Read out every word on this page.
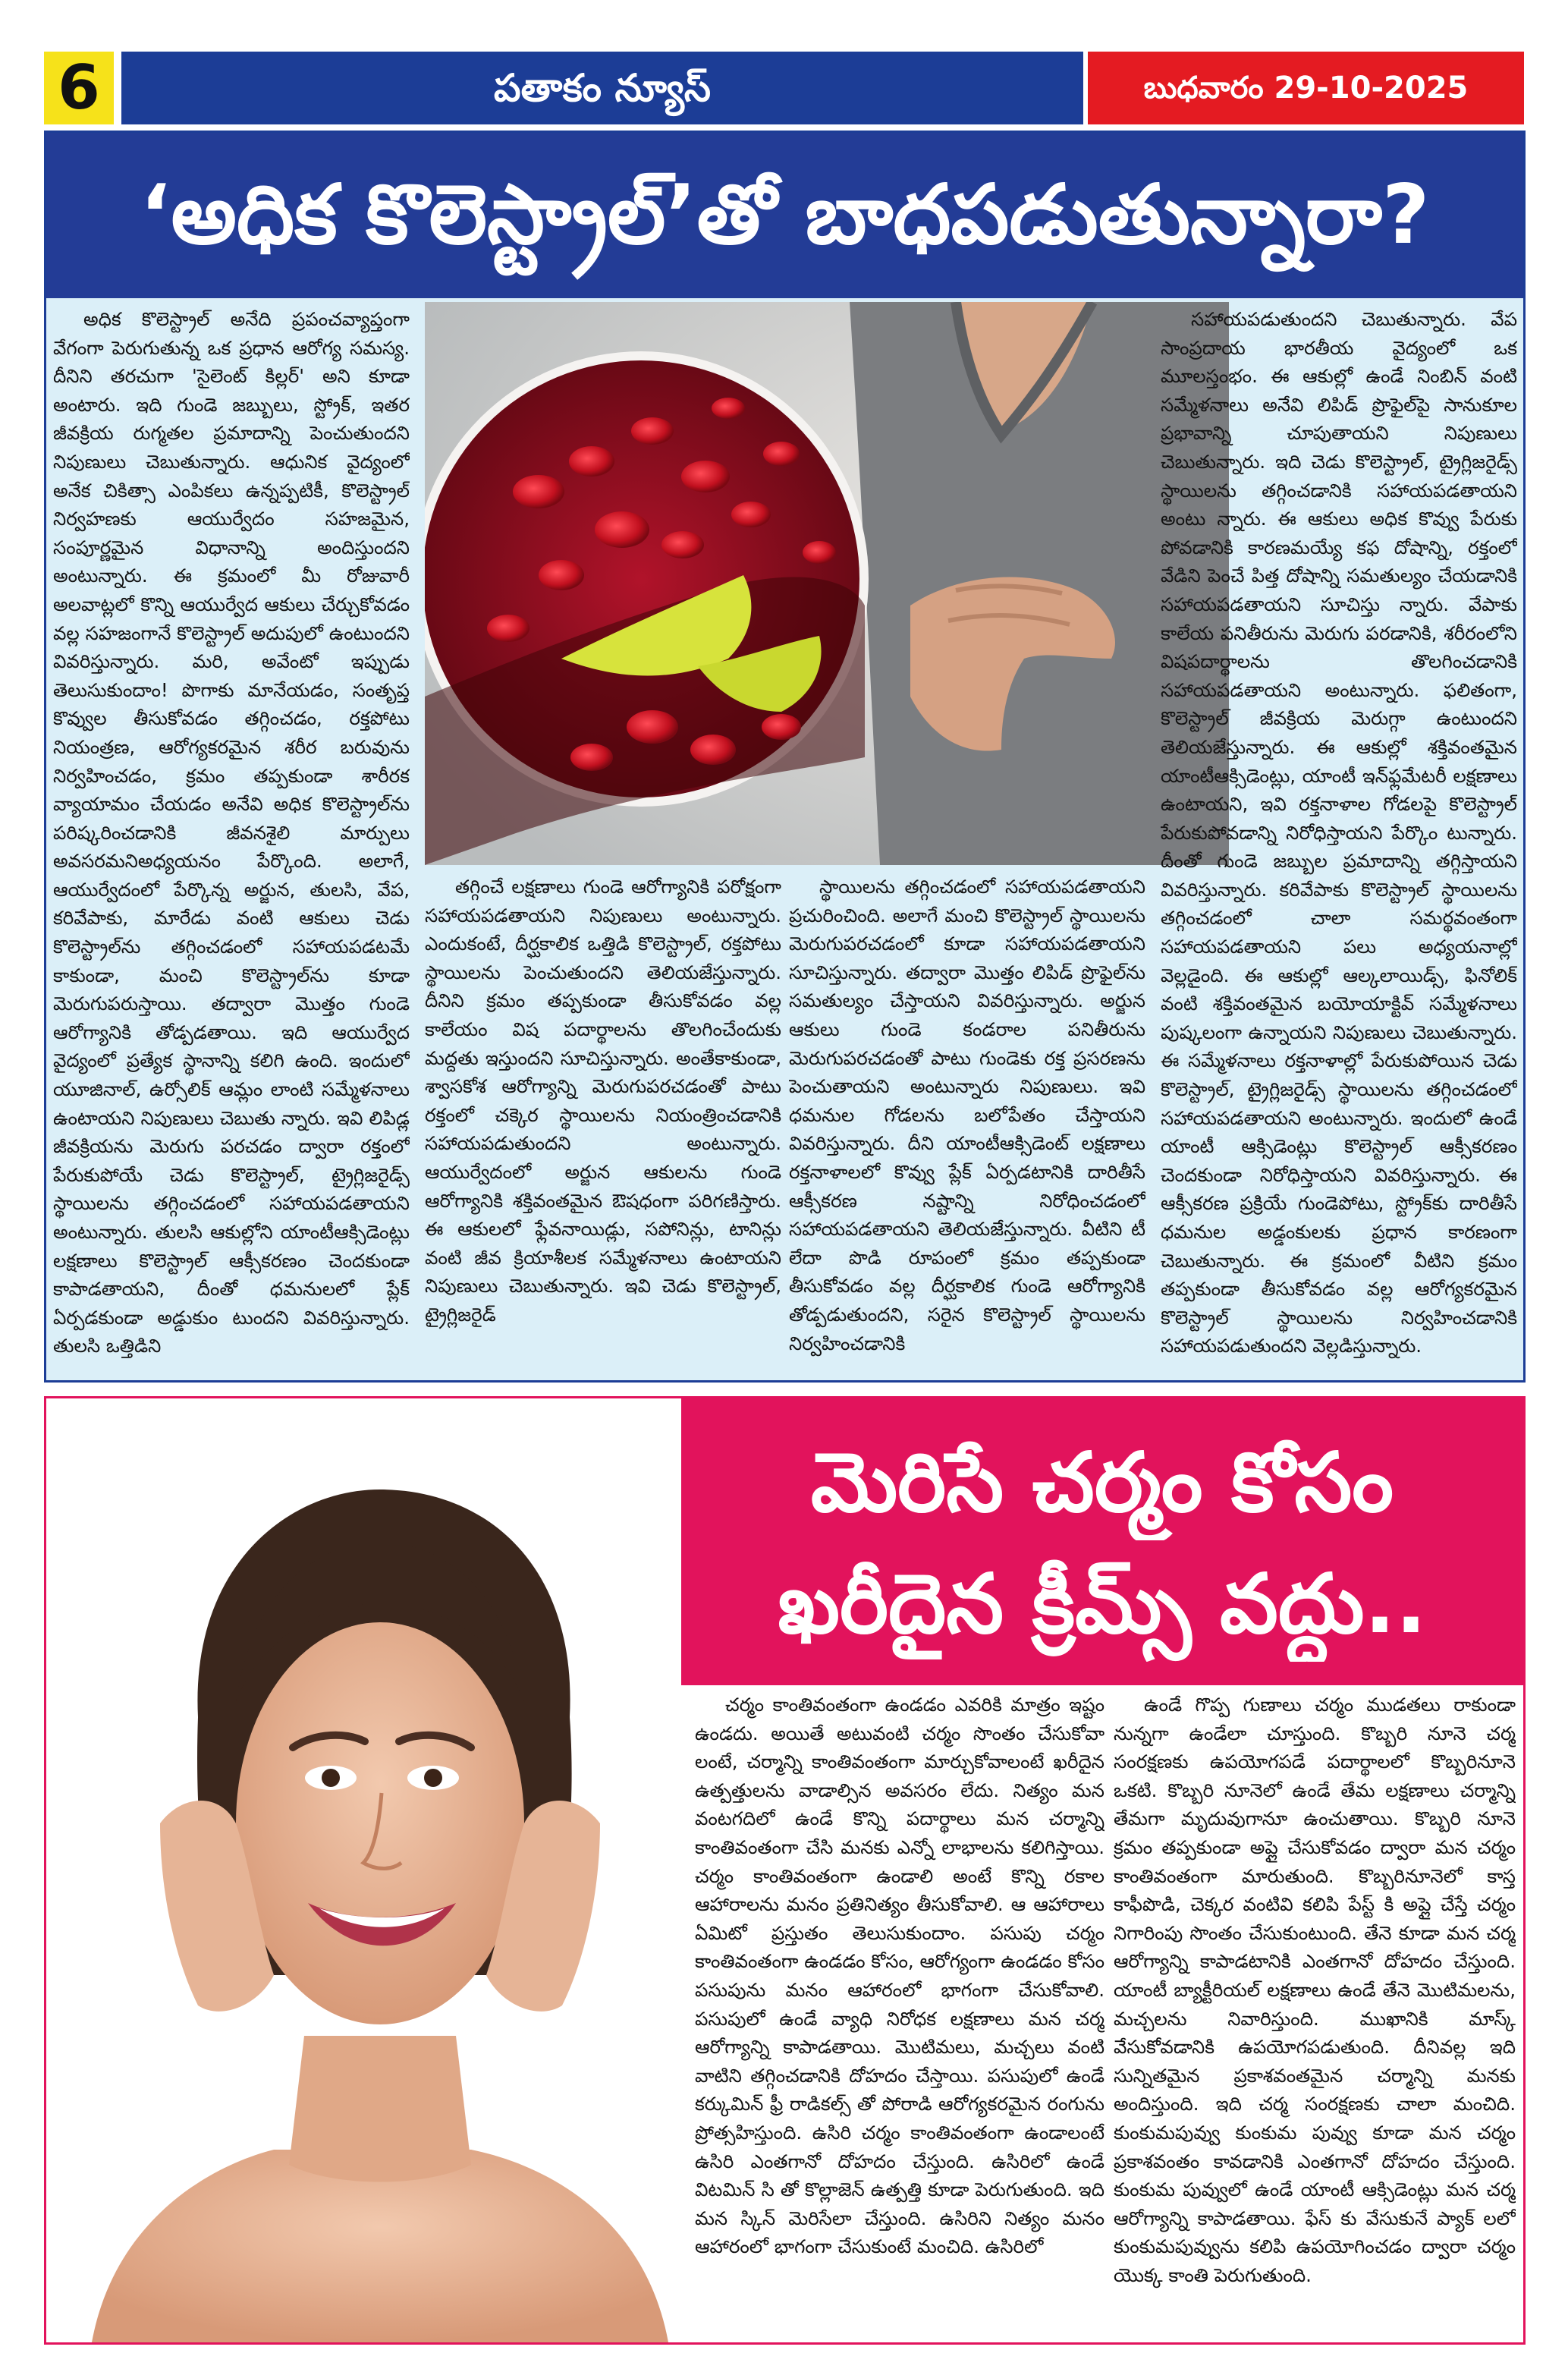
6	పతాకం న్యూస్	బుధవారం 29-10-2025
‘అధిక కొలెస్ట్రాల్’తో బాధపడుతున్నారా?

అధిక కొలెస్ట్రాల్ అనేది ప్రపంచవ్యాప్తంగా వేగంగా పెరుగుతున్న ఒక ప్రధాన ఆరోగ్య సమస్య. దీనిని తరచుగా 'సైలెంట్ కిల్లర్' అని కూడా అంటారు. ఇది గుండె జబ్బులు, స్ట్రోక్, ఇతర జీవక్రియ రుగ్మతల ప్రమాదాన్ని పెంచుతుందని నిపుణులు చెబుతున్నారు. ఆధునిక వైద్యంలో అనేక చికిత్సా ఎంపికలు ఉన్నప్పటికీ, కొలెస్ట్రాల్ నిర్వహణకు ఆయుర్వేదం సహజమైన, సంపూర్ణమైన విధానాన్ని అందిస్తుందని అంటున్నారు. ఈ క్రమంలో మీ రోజువారీ అలవాట్లలో కొన్ని ఆయుర్వేద ఆకులు చేర్చుకోవడం వల్ల సహజంగానే కొలెస్ట్రాల్ అదుపులో ఉంటుందని వివరిస్తున్నారు. మరి, అవేంటో ఇప్పుడు తెలుసుకుందాం! పొగాకు మానేయడం, సంతృప్త కొవ్వుల తీసుకోవడం తగ్గించడం, రక్తపోటు నియంత్రణ, ఆరోగ్యకరమైన శరీర బరువును నిర్వహించడం, క్రమం తప్పకుండా శారీరక వ్యాయామం చేయడం అనేవి అధిక కొలెస్ట్రాల్‌ను పరిష్కరించడానికి జీవనశైలి మార్పులు అవసరమనిఅధ్యయనం పేర్కొంది. అలాగే, ఆయుర్వేదంలో పేర్కొన్న అర్జున, తులసి, వేప, కరివేపాకు, మారేడు వంటి ఆకులు చెడు కొలెస్ట్రాల్‌ను తగ్గించడంలో సహాయపడటమే కాకుండా, మంచి కొలెస్ట్రాల్‌ను కూడా మెరుగుపరుస్తాయి. తద్వారా మొత్తం గుండె ఆరోగ్యానికి తోడ్పడతాయి. ఇది ఆయుర్వేద వైద్యంలో ప్రత్యేక స్థానాన్ని కలిగి ఉంది. ఇందులో యూజినాల్, ఉర్సోలిక్ ఆమ్లం లాంటి సమ్మేళనాలు ఉంటాయని నిపుణులు చెబుతు న్నారు. ఇవి లిపిడ్ల జీవక్రియను మెరుగు పరచడం ద్వారా రక్తంలో పేరుకుపోయే చెడు కొలెస్ట్రాల్, ట్రైగ్లిజరైడ్స్ స్థాయిలను తగ్గించడంలో సహాయపడతాయని అంటున్నారు. తులసి ఆకుల్లోని యాంటీఆక్సిడెంట్లు లక్షణాలు కొలెస్ట్రాల్ ఆక్సీకరణం చెందకుండా కాపాడతాయని, దీంతో ధమనులలో ప్లేక్ ఏర్పడకుండా అడ్డుకుం టుందని వివరిస్తున్నారు. తులసి ఒత్తిడిని

తగ్గించే లక్షణాలు గుండె ఆరోగ్యానికి పరోక్షంగా సహాయపడతాయని నిపుణులు అంటున్నారు. ఎందుకంటే, దీర్ఘకాలిక ఒత్తిడి కొలెస్ట్రాల్, రక్తపోటు స్థాయిలను పెంచుతుందని తెలియజేస్తున్నారు. దీనిని క్రమం తప్పకుండా తీసుకోవడం వల్ల కాలేయం విష పదార్థాలను తొలగించేందుకు మద్దతు ఇస్తుందని సూచిస్తున్నారు. అంతేకాకుండా, శ్వాసకోశ ఆరోగ్యాన్ని మెరుగుపరచడంతో పాటు రక్తంలో చక్కెర స్థాయిలను నియంత్రించడానికి సహాయపడుతుందని అంటున్నారు. ఆయుర్వేదంలో అర్జున ఆకులను గుండె ఆరోగ్యానికి శక్తివంతమైన ఔషధంగా పరిగణిస్తారు. ఈ ఆకులలో ఫ్లేవనాయిడ్లు, సపోనిన్లు, టానిన్లు వంటి జీవ క్రియాశీలక సమ్మేళనాలు ఉంటాయని నిపుణులు చెబుతున్నారు. ఇవి చెడు కొలెస్ట్రాల్, ట్రైగ్లిజరైడ్

స్థాయిలను తగ్గించడంలో సహాయపడతాయని ప్రచురించింది. అలాగే మంచి కొలెస్ట్రాల్ స్థాయిలను మెరుగుపరచడంలో కూడా సహాయపడతాయని సూచిస్తున్నారు. తద్వారా మొత్తం లిపిడ్ ప్రొఫైల్‌ను సమతుల్యం చేస్తాయని వివరిస్తున్నారు. అర్జున ఆకులు గుండె కండరాల పనితీరును మెరుగుపరచడంతో పాటు గుండెకు రక్త ప్రసరణను పెంచుతాయని అంటున్నారు నిపుణులు. ఇవి ధమనుల గోడలను బలోపేతం చేస్తాయని వివరిస్తున్నారు. దీని యాంటీఆక్సిడెంట్ లక్షణాలు రక్తనాళాలలో కొవ్వు ప్లేక్ ఏర్పడటానికి దారితీసే ఆక్సీకరణ నష్టాన్ని నిరోధించడంలో సహాయపడతాయని తెలియజేస్తున్నారు. వీటిని టీ లేదా పొడి రూపంలో క్రమం తప్పకుండా తీసుకోవడం వల్ల దీర్ఘకాలిక గుండె ఆరోగ్యానికి తోడ్పడుతుందని, సరైన కొలెస్ట్రాల్ స్థాయిలను నిర్వహించడానికి

సహాయపడుతుందని చెబుతున్నారు. వేప సాంప్రదాయ భారతీయ వైద్యంలో ఒక మూలస్తంభం. ఈ ఆకుల్లో ఉండే నింబిన్ వంటి సమ్మేళనాలు అనేవి లిపిడ్ ప్రొఫైల్‌పై సానుకూల ప్రభావాన్ని చూపుతాయని నిపుణులు చెబుతున్నారు. ఇది చెడు కొలెస్ట్రాల్, ట్రైగ్లిజరైడ్స్ స్థాయిలను తగ్గించడానికి సహాయపడతాయని అంటు న్నారు. ఈ ఆకులు అధిక కొవ్వు పేరుకు పోవడానికి కారణమయ్యే కఫ దోషాన్ని, రక్తంలో వేడిని పెంచే పిత్త దోషాన్ని సమతుల్యం చేయడానికి సహాయపడతాయని సూచిస్తు న్నారు. వేపాకు కాలేయ పనితీరును మెరుగు పరడానికి, శరీరంలోని విషపదార్థాలను తొలగించడానికి సహాయపడతాయని అంటున్నారు. ఫలితంగా, కొలెస్ట్రాల్ జీవక్రియ మెరుగ్గా ఉంటుందని తెలియజేస్తున్నారు. ఈ ఆకుల్లో శక్తివంతమైన యాంటీఆక్సిడెంట్లు, యాంటీ ఇన్‌ఫ్లమేటరీ లక్షణాలు ఉంటాయని, ఇవి రక్తనాళాల గోడలపై కొలెస్ట్రాల్ పేరుకుపోవడాన్ని నిరోధిస్తాయని పేర్కొం టున్నారు. దీంతో గుండె జబ్బుల ప్రమాదాన్ని తగ్గిస్తాయని వివరిస్తున్నారు. కరివేపాకు కొలెస్ట్రాల్ స్థాయిలను తగ్గించడంలో చాలా సమర్థవంతంగా సహాయపడతాయని పలు అధ్యయనాల్లో వెల్లడైంది. ఈ ఆకుల్లో ఆల్కలాయిడ్స్, ఫినోలిక్ వంటి శక్తివంతమైన బయోయాక్టివ్ సమ్మేళనాలు పుష్కలంగా ఉన్నాయని నిపుణులు చెబుతున్నారు. ఈ సమ్మేళనాలు రక్తనాళాల్లో పేరుకుపోయిన చెడు కొలెస్ట్రాల్, ట్రైగ్లిజరైడ్స్ స్థాయిలను తగ్గించడంలో సహాయపడతాయని అంటున్నారు. ఇందులో ఉండే యాంటీ ఆక్సిడెంట్లు కొలెస్ట్రాల్ ఆక్సీకరణం చెందకుండా నిరోధిస్తాయని వివరిస్తున్నారు. ఈ ఆక్సీకరణ ప్రక్రియే గుండెపోటు, స్ట్రోక్‌కు దారితీసే ధమనుల అడ్డంకులకు ప్రధాన కారణంగా చెబుతున్నారు. ఈ క్రమంలో వీటిని క్రమం తప్పకుండా తీసుకోవడం వల్ల ఆరోగ్యకరమైన కొలెస్ట్రాల్ స్థాయిలను నిర్వహించడానికి సహాయపడుతుందని వెల్లడిస్తున్నారు.

మెరిసే చర్మం కోసం
ఖరీదైన క్రీమ్స్ వద్దు..

చర్మం కాంతివంతంగా ఉండడం ఎవరికి మాత్రం ఇష్టం ఉండదు. అయితే అటువంటి చర్మం సొంతం చేసుకోవా లంటే, చర్మాన్ని కాంతివంతంగా మార్చుకోవాలంటే ఖరీదైన ఉత్పత్తులను వాడాల్సిన అవసరం లేదు. నిత్యం మన వంటగదిలో ఉండే కొన్ని పదార్థాలు మన చర్మాన్ని కాంతివంతంగా చేసి మనకు ఎన్నో లాభాలను కలిగిస్తాయి. చర్మం కాంతివంతంగా ఉండాలి అంటే కొన్ని రకాల ఆహారాలను మనం ప్రతినిత్యం తీసుకోవాలి. ఆ ఆహారాలు ఏమిటో ప్రస్తుతం తెలుసుకుందాం. పసుపు చర్మం కాంతివంతంగా ఉండడం కోసం, ఆరోగ్యంగా ఉండడం కోసం పసుపును మనం ఆహారంలో భాగంగా చేసుకోవాలి. పసుపులో ఉండే వ్యాధి నిరోధక లక్షణాలు మన చర్మ ఆరోగ్యాన్ని కాపాడతాయి. మొటిమలు, మచ్చలు వంటి వాటిని తగ్గించడానికి దోహదం చేస్తాయి. పసుపులో ఉండే కర్కుమిన్ ఫ్రీ రాడికల్స్ తో పోరాడి ఆరోగ్యకరమైన రంగును ప్రోత్సహిస్తుంది. ఉసిరి చర్మం కాంతివంతంగా ఉండాలంటే ఉసిరి ఎంతగానో దోహదం చేస్తుంది. ఉసిరిలో ఉండే విటమిన్ సి తో కొల్లాజెన్ ఉత్పత్తి కూడా పెరుగుతుంది. ఇది మన స్కిన్ మెరిసేలా చేస్తుంది. ఉసిరిని నిత్యం మనం ఆహారంలో భాగంగా చేసుకుంటే మంచిది. ఉసిరిలో

ఉండే గొప్ప గుణాలు చర్మం ముడతలు రాకుండా నున్నగా ఉండేలా చూస్తుంది. కొబ్బరి నూనె చర్మ సంరక్షణకు ఉపయోగపడే పదార్థాలలో కొబ్బరినూనె ఒకటి. కొబ్బరి నూనెలో ఉండే తేమ లక్షణాలు చర్మాన్ని తేమగా మృదువుగానూ ఉంచుతాయి. కొబ్బరి నూనె క్రమం తప్పకుండా అప్లై చేసుకోవడం ద్వారా మన చర్మం కాంతివంతంగా మారుతుంది. కొబ్బరినూనెలో కాస్త కాఫీపొడి, చెక్కర వంటివి కలిపి పేస్ట్ కి అప్లై చేస్తే చర్మం నిగారింపు సొంతం చేసుకుంటుంది. తేనె కూడా మన చర్మ ఆరోగ్యాన్ని కాపాడటానికి ఎంతగానో దోహదం చేస్తుంది. యాంటీ బ్యాక్టీరియల్ లక్షణాలు ఉండే తేనె మొటిమలను, మచ్చలను నివారిస్తుంది. ముఖానికి మాస్క్ వేసుకోవడానికి ఉపయోగపడుతుంది. దీనివల్ల ఇది సున్నితమైన ప్రకాశవంతమైన చర్మాన్ని మనకు అందిస్తుంది. ఇది చర్మ సంరక్షణకు చాలా మంచిది. కుంకుమపువ్వు కుంకుమ పువ్వు కూడా మన చర్మం ప్రకాశవంతం కావడానికి ఎంతగానో దోహదం చేస్తుంది. కుంకుమ పువ్వులో ఉండే యాంటీ ఆక్సిడెంట్లు మన చర్మ ఆరోగ్యాన్ని కాపాడతాయి. ఫేస్ కు వేసుకునే ప్యాక్ లలో కుంకుమపువ్వును కలిపి ఉపయోగించడం ద్వారా చర్మం యొక్క కాంతి పెరుగుతుంది.
